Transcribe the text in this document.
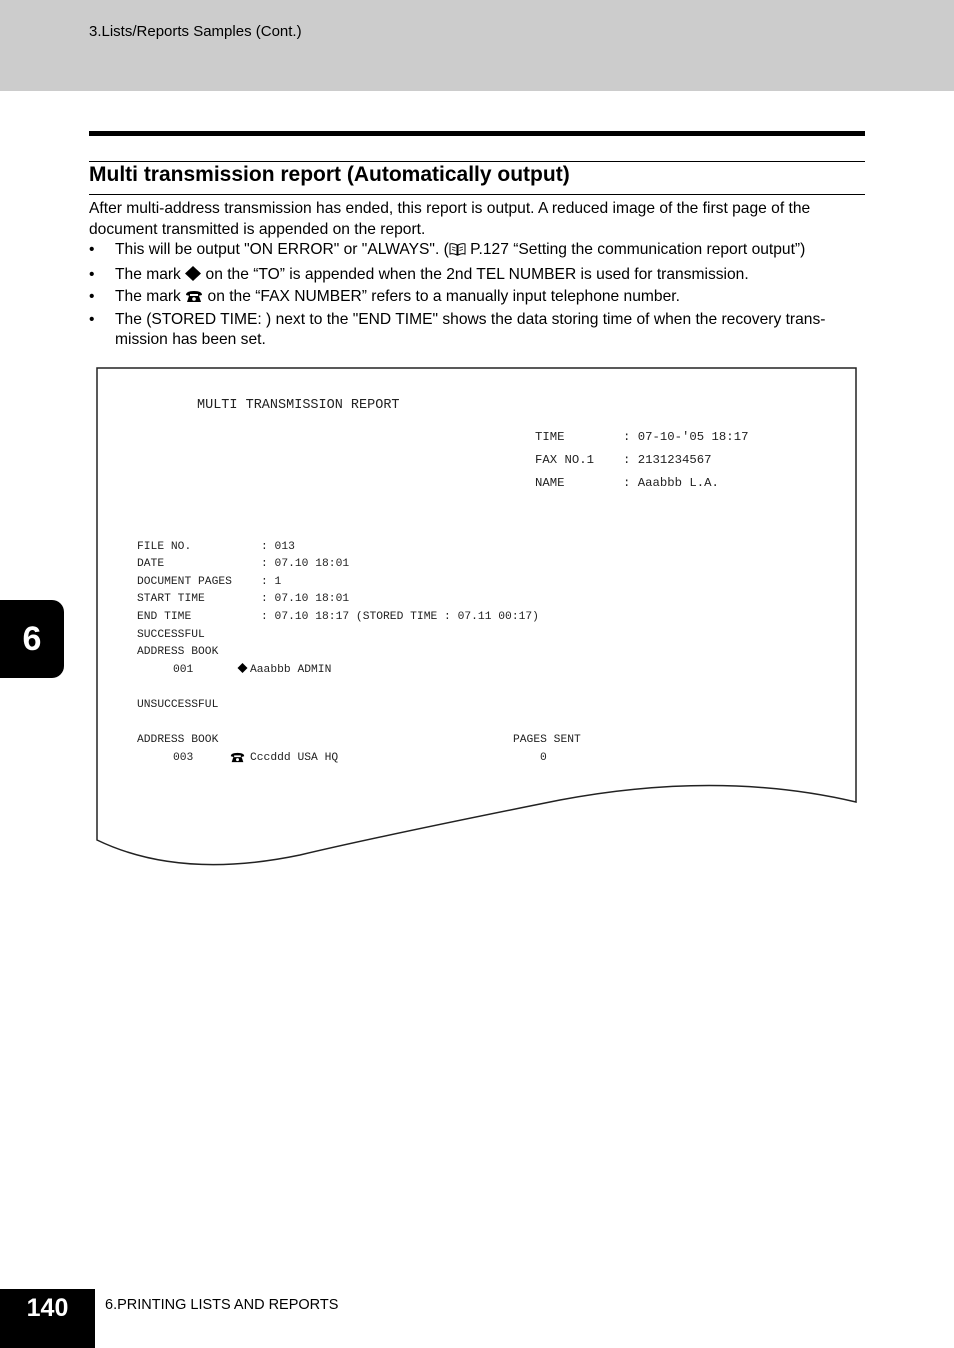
3.Lists/Reports Samples (Cont.)
Multi transmission report (Automatically output)
After multi-address transmission has ended, this report is output. A reduced image of the first page of the document transmitted is appended on the report.
• This will be output "ON ERROR" or "ALWAYS". ( P.127 “Setting the communication report output”)
• The mark  on the “TO” is appended when the 2nd TEL NUMBER is used for transmission.
• The mark  on the “FAX NUMBER” refers to a manually input telephone number.
• The (STORED TIME: ) next to the "END TIME" shows the data storing time of when the recovery trans-
mission has been set.
MULTI TRANSMISSION REPORT
TIME	: 07-10-'05 18:17
FAX NO.1 : 2131234567
NAME	: Aaabbb L.A.
FILE NO.	: 013
DATE	: 07.10 18:01
DOCUMENT PAGES	: 1
START TIME	: 07.10 18:01
END TIME	: 07.10 18:17 (STORED TIME : 07.11 00:17)
SUCCESSFUL
ADDRESS BOOK
001	Aaabbb ADMIN
UNSUCCESSFUL
ADDRESS BOOK	PAGES SENT
003	Cccddd USA HQ	0
6
140	6.PRINTING LISTS AND REPORTS
